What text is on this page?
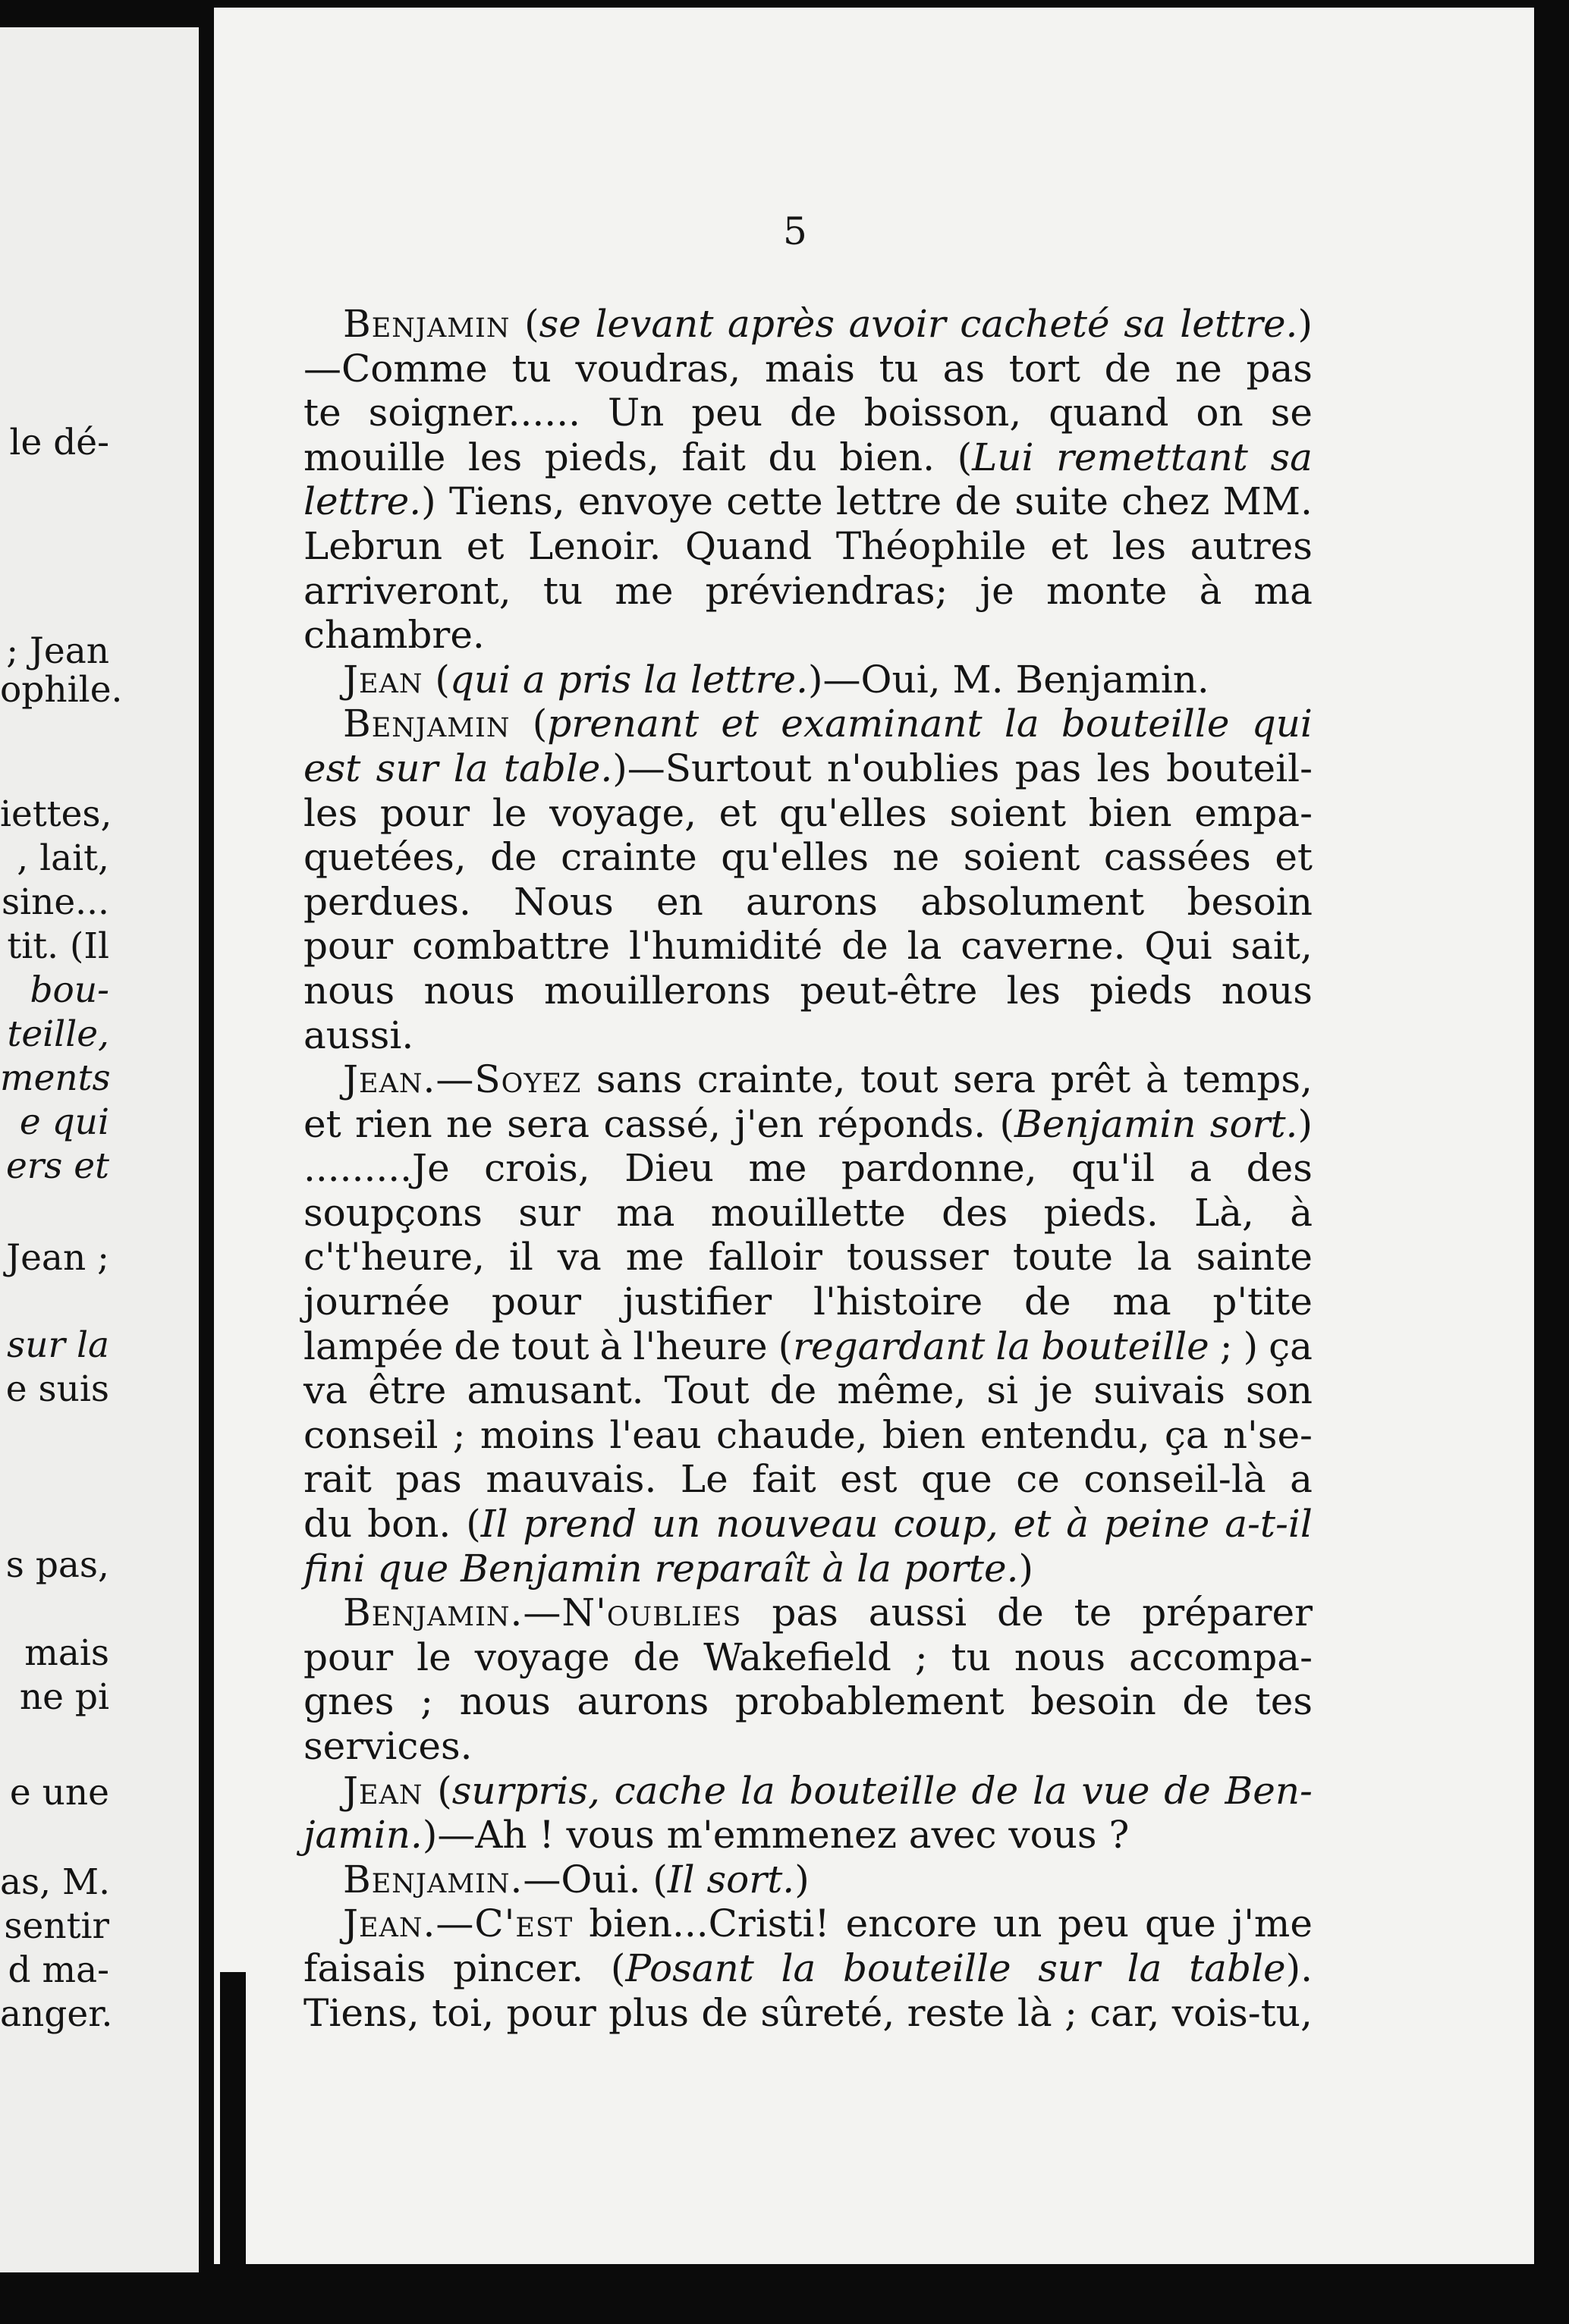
le dé-
; Jean
ophile.
iettes,
, lait,
sine...
tit. (Il
bou-
teille,
ments
e qui
ers et
Jean ;
sur la
e suis
s pas,
mais
ne pi
e une
as, M.
sentir
d ma-
anger.
5
Benjamin (se levant après avoir cacheté sa lettre.)
—Comme tu voudras, mais tu as tort de ne pas
te soigner...... Un peu de boisson, quand on se
mouille les pieds, fait du bien. (Lui remettant sa
lettre.) Tiens, envoye cette lettre de suite chez MM.
Lebrun et Lenoir. Quand Théophile et les autres
arriveront, tu me préviendras; je monte à ma
chambre.
Jean (qui a pris la lettre.)—Oui, M. Benjamin.
Benjamin (prenant et examinant la bouteille qui
est sur la table.)—Surtout n'oublies pas les bouteil-
les pour le voyage, et qu'elles soient bien empa-
quetées, de crainte qu'elles ne soient cassées et
perdues. Nous en aurons absolument besoin
pour combattre l'humidité de la caverne. Qui sait,
nous nous mouillerons peut-être les pieds nous
aussi.
Jean.—Soyez sans crainte, tout sera prêt à temps,
et rien ne sera cassé, j'en réponds. (Benjamin sort.)
.........Je crois, Dieu me pardonne, qu'il a des
soupçons sur ma mouillette des pieds. Là, à
c't'heure, il va me falloir tousser toute la sainte
journée pour justifier l'histoire de ma p'tite
lampée de tout à l'heure (regardant la bouteille ; ) ça
va être amusant. Tout de même, si je suivais son
conseil ; moins l'eau chaude, bien entendu, ça n'se-
rait pas mauvais. Le fait est que ce conseil-là a
du bon. (Il prend un nouveau coup, et à peine a-t-il
fini que Benjamin reparaît à la porte.)
Benjamin.—N'oublies pas aussi de te préparer
pour le voyage de Wakefield ; tu nous accompa-
gnes ; nous aurons probablement besoin de tes
services.
Jean (surpris, cache la bouteille de la vue de Ben-
jamin.)—Ah ! vous m'emmenez avec vous ?
Benjamin.—Oui. (Il sort.)
Jean.—C'est bien...Cristi! encore un peu que j'me
faisais pincer. (Posant la bouteille sur la table).
Tiens, toi, pour plus de sûreté, reste là ; car, vois-tu,
